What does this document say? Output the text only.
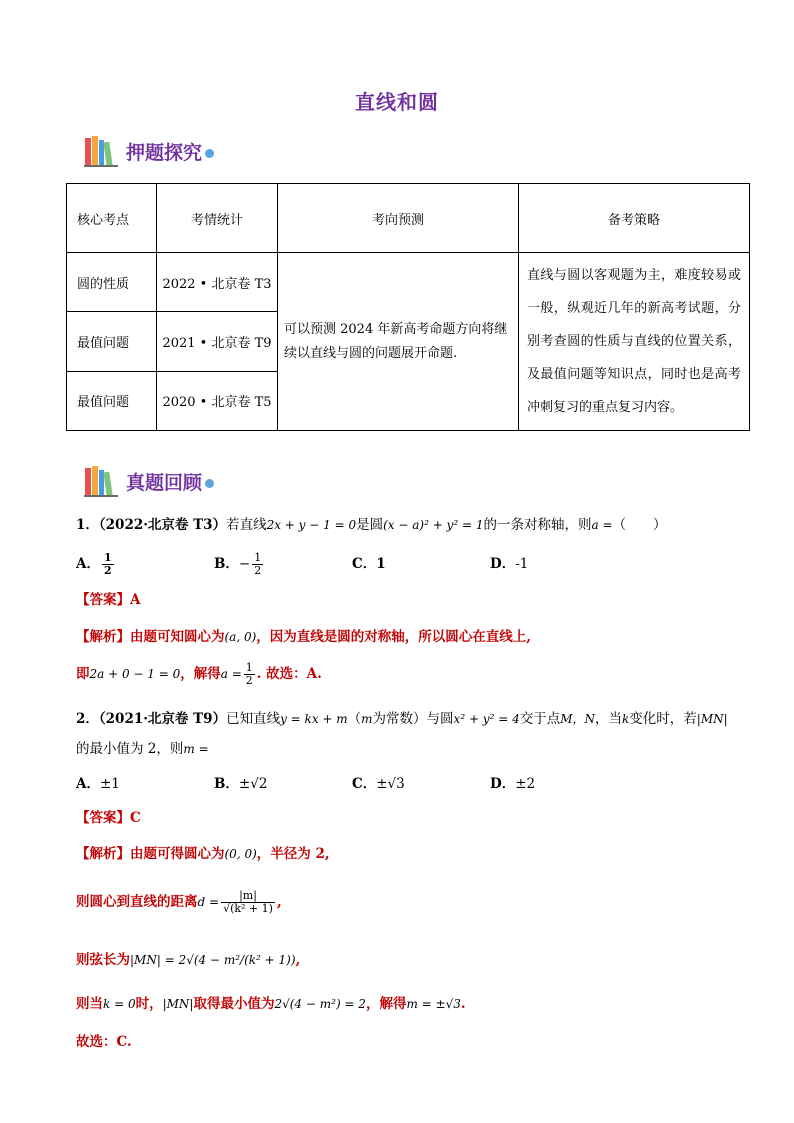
直线和圆
押题探究
核心考点	考情统计	考向预测	备考策略
圆的性质	2022 • 北京卷 T3	可以预测 2024 年新高考命题方向将继续以直线与圆的问题展开命题.	直线与圆以客观题为主，难度较易或一般，纵观近几年的新高考试题，分别考查圆的性质与直线的位置关系，及最值问题等知识点，同时也是高考冲刺复习的重点复习内容。
最值问题	2021 • 北京卷 T9		
最值问题	2020 • 北京卷 T5		
真题回顾
1．（2022·北京卷 T3）若直线2x + y − 1 = 0是圆(x − a)² + y² = 1的一条对称轴，则a =（　　）
A． $\frac{1}{2}$	B．− $\frac{1}{2}$	C．1	D．-1
【答案】A
【解析】由题可知圆心为(a, 0)，因为直线是圆的对称轴，所以圆心在直线上,
即2a + 0 − 1 = 0，解得$a = \frac{1}{2}$ . 故选：A.
2．（2021·北京卷 T9）已知直线y = kx + m（m为常数）与圆x² + y² = 4交于点M，N，当k变化时，若|MN|
的最小值为 2，则m =
A．±1	B．±√2	C．±√3	D．±2
【答案】C
【解析】由题可得圆心为(0, 0)，半径为 2,
则圆心到直线的距离$d = \frac{|m|}{\text{√(k² + 1)}}$ ,
则弦长为|MN| = 2√(4 − m²/(k² + 1)),
则当k = 0时，|MN|取得最小值为2√(4 − m²) = 2，解得m = ±√3.
故选：C.
